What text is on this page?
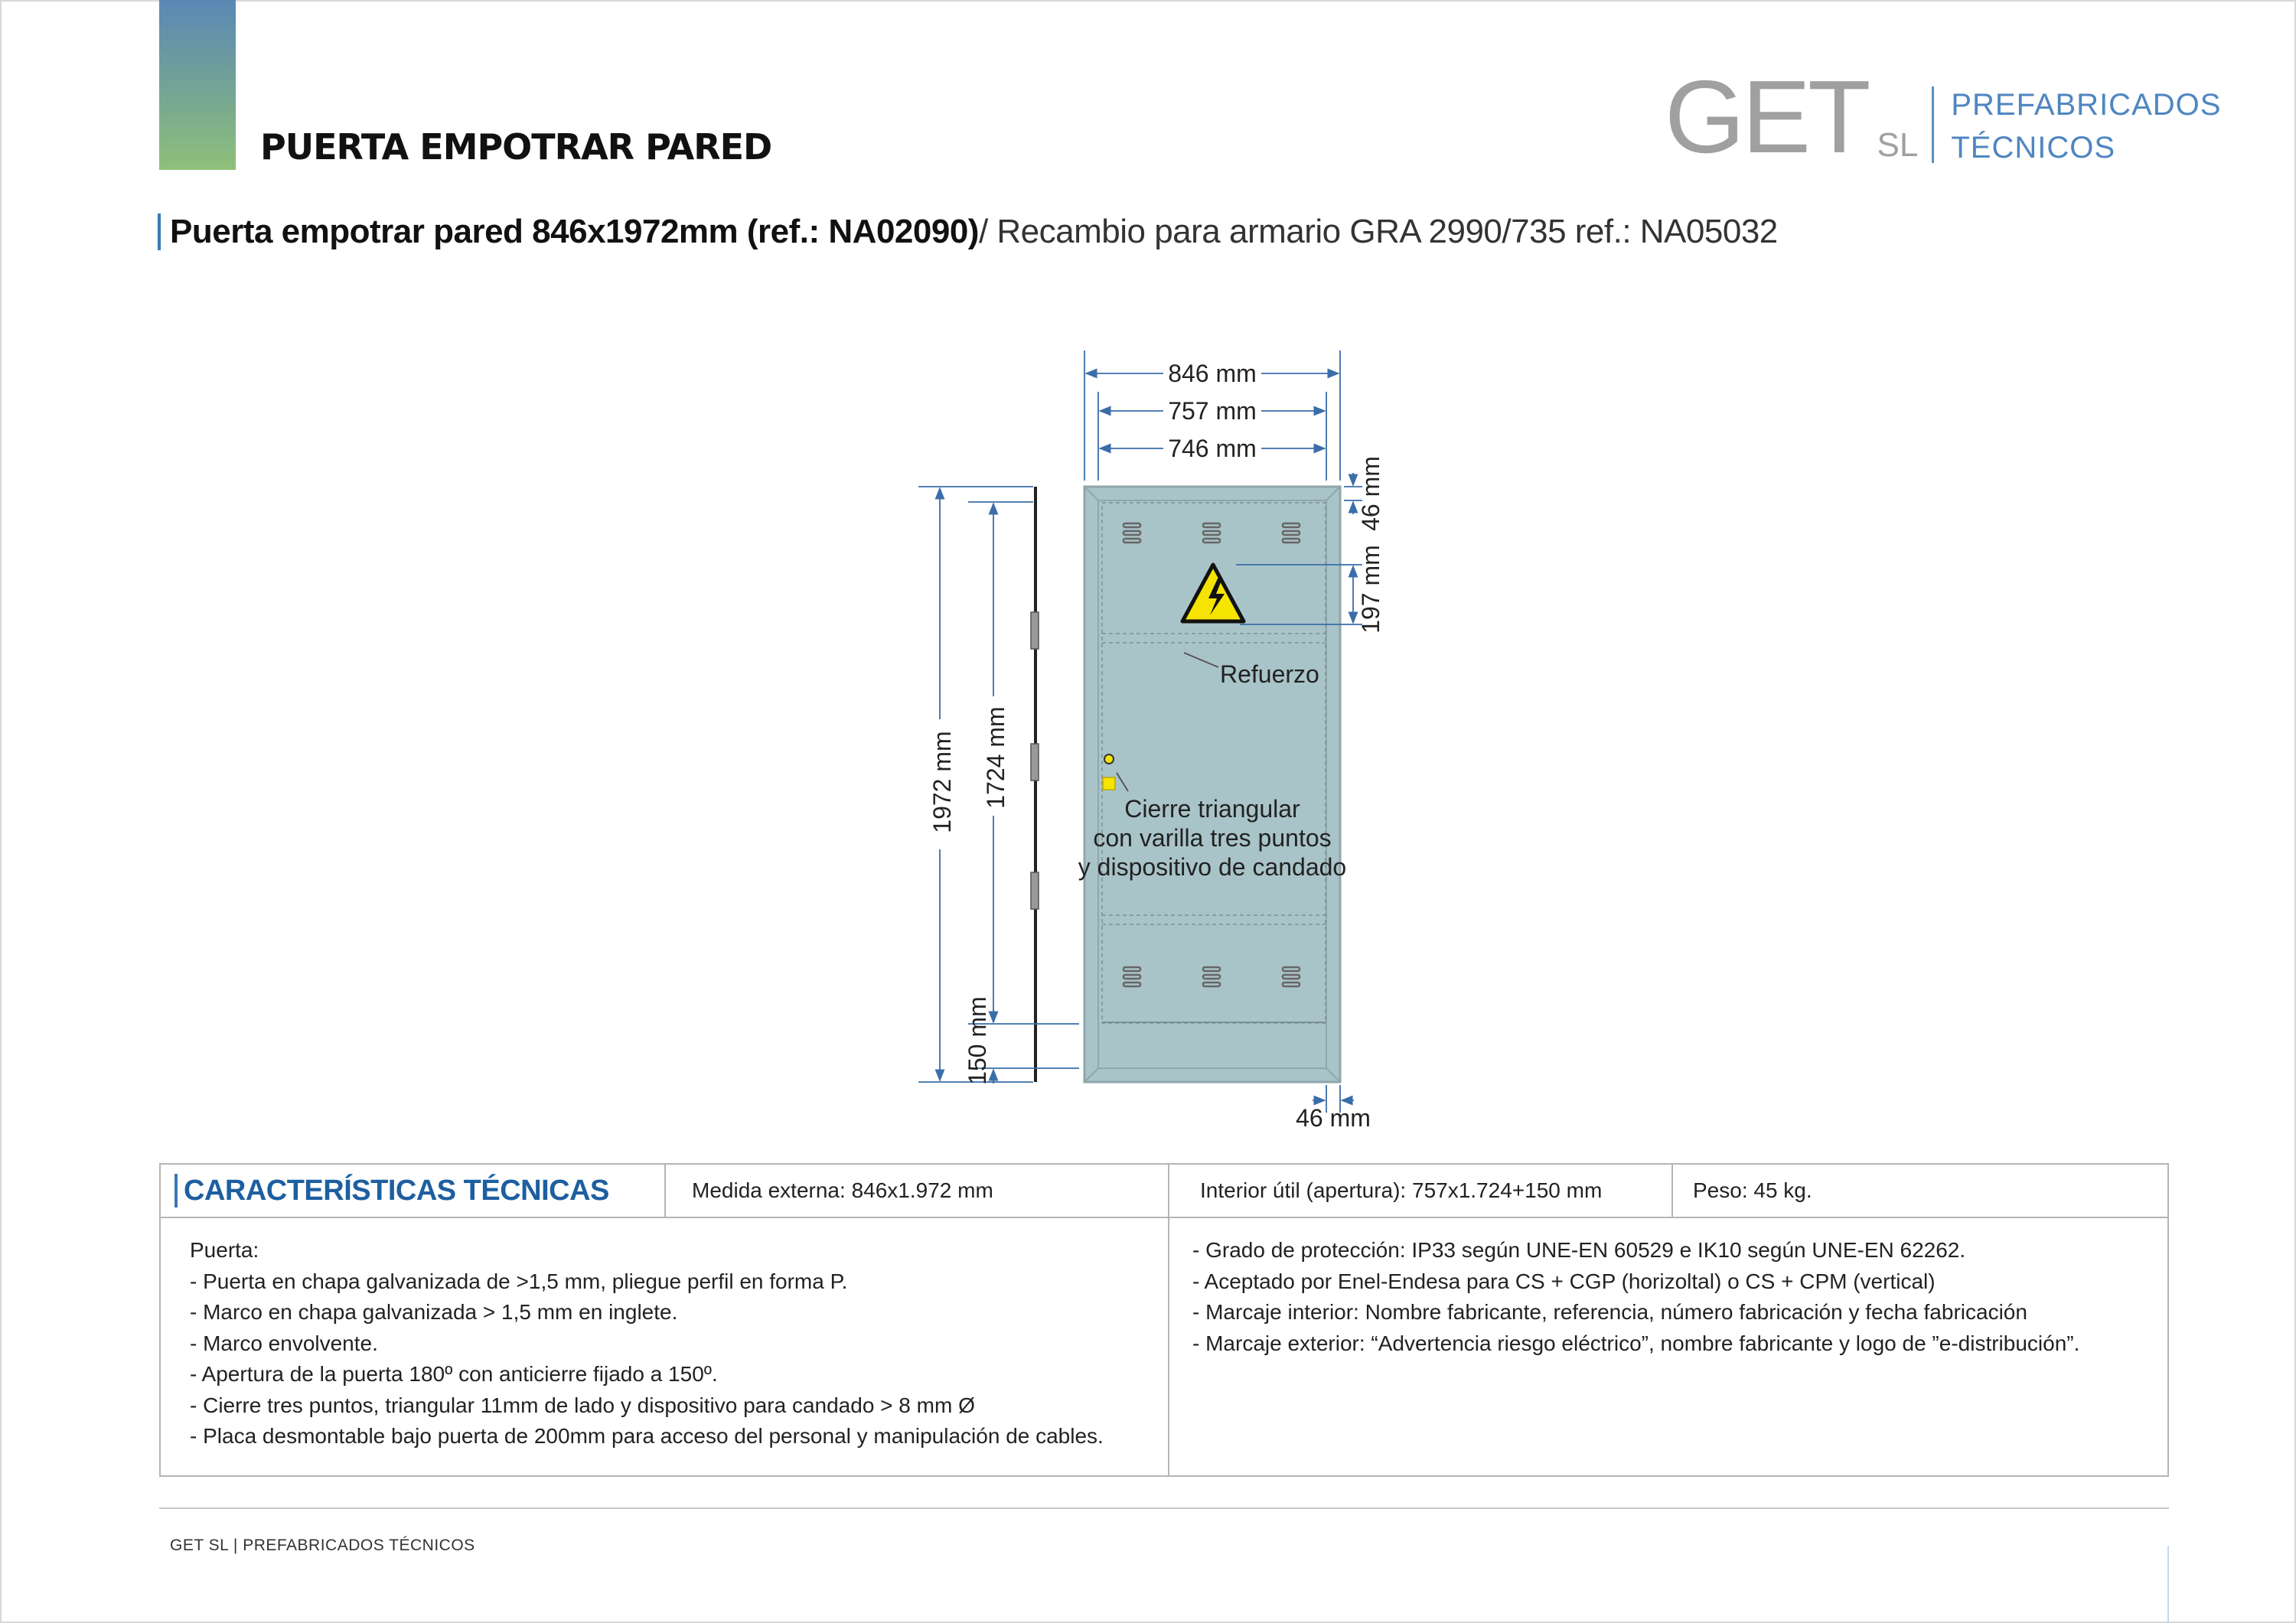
PUERTA EMPOTRAR PARED	GET SL
PREFABRICADOS
TÉCNICOS
Puerta empotrar pared 846x1972mm (ref.: NA02090) / Recambio para armario GRA 2990/735 ref.: NA05032
Refuerzo
Cierre triangular
con varilla tres puntos
y dispositivo de candado
846 mm
757 mm
746 mm
46 mm
197 mm
1972 mm 1724 mm
150 mm
46 mm
CARACTERÍSTICAS TÉCNICAS	Medida externa: 846x1.972 mm	Interior útil (apertura): 757x1.724+150 mm	Peso: 45 kg.
Puerta:
- Puerta en chapa galvanizada de >1,5 mm, pliegue perfil en forma P.
- Marco en chapa galvanizada > 1,5 mm en inglete.
- Marco envolvente.
- Apertura de la puerta 180º con anticierre fijado a 150º.
- Cierre tres puntos, triangular 11mm de lado y dispositivo para candado > 8 mm Ø
- Placa desmontable bajo puerta de 200mm para acceso del personal y manipulación de cables.
- Grado de protección: IP33 según UNE-EN 60529 e IK10 según UNE-EN 62262.
- Aceptado por Enel-Endesa para CS + CGP (horizoltal) o CS + CPM (vertical)
- Marcaje interior: Nombre fabricante, referencia, número fabricación y fecha fabricación
- Marcaje exterior: “Advertencia riesgo eléctrico”, nombre fabricante y logo de ”e-distribución”.
GET SL | PREFABRICADOS TÉCNICOS
